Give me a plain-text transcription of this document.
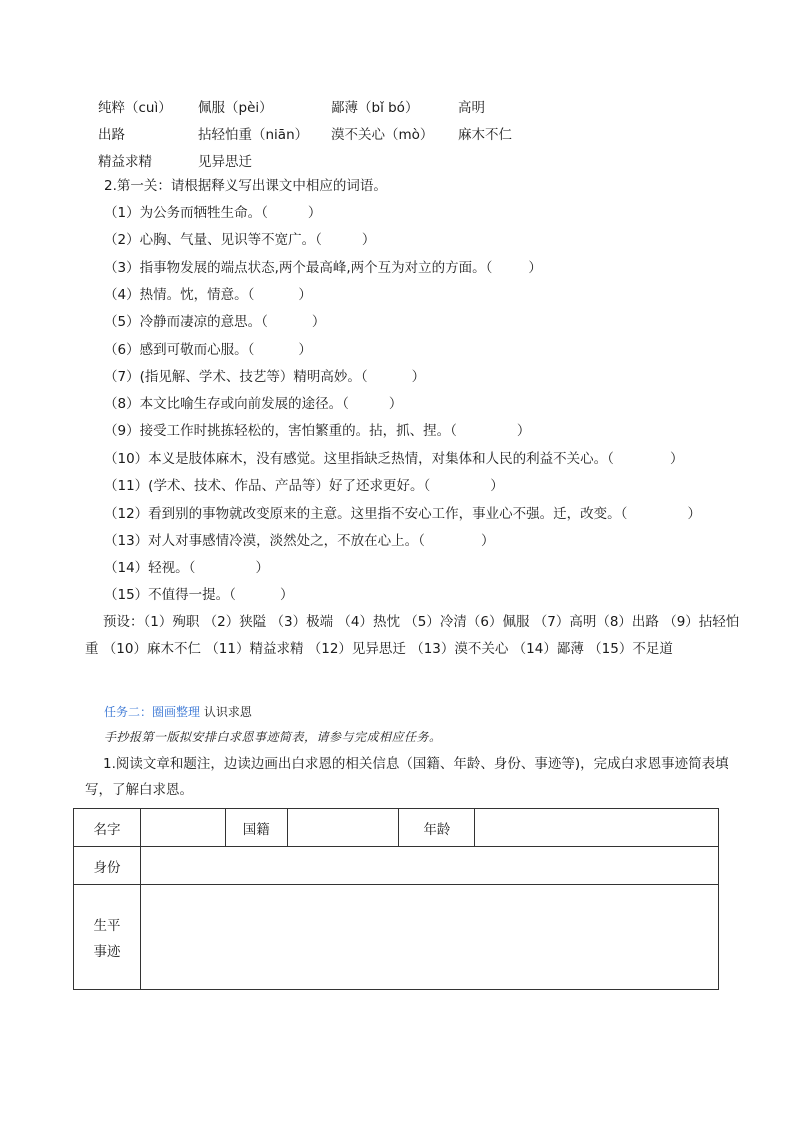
纯粹（cuì） 佩服（pèi）	鄙薄（bǐ bó）	高明
出路	拈轻怕重（niān） 漠不关心（mò） 麻木不仁
精益求精	见异思迁
2.第一关：请根据释义写出课文中相应的词语。
（1）为公务而牺牲生命。（	）
（2）心胸、气量、见识等不宽广。（	）
（3）指事物发展的端点状态,两个最高峰,两个互为对立的方面。（	）
（4）热情。忱，情意。（	）
（5）冷静而凄凉的意思。（	）
（6）感到可敬而心服。（	）
（7）(指见解、学术、技艺等）精明高妙。（	）
（8）本文比喻生存或向前发展的途径。（	）
（9）接受工作时挑拣轻松的，害怕繁重的。拈，抓、捏。（	）
（10）本义是肢体麻木，没有感觉。这里指缺乏热情，对集体和人民的利益不关心。（	）
（11）(学术、技术、作品、产品等）好了还求更好。（	）
（12）看到别的事物就改变原来的主意。这里指不安心工作，事业心不强。迁，改变。（	）
（13）对人对事感情冷漠，淡然处之，不放在心上。（	）
（14）轻视。（	）
（15）不值得一提。（	）
预设：（1）殉职 （2）狭隘 （3）极端 （4）热忱 （5）冷清（6）佩服 （7）高明（8）出路 （9）拈轻怕重 （10）麻木不仁 （11）精益求精 （12）见异思迁 （13）漠不关心 （14）鄙薄 （15）不足道
任务二：圈画整理 认识求恩
手抄报第一版拟安排白求恩事迹简表，请参与完成相应任务。
1.阅读文章和题注，边读边画出白求恩的相关信息（国籍、年龄、身份、事迹等)，完成白求恩事迹简表填写，了解白求恩。
名字		国籍		年龄	
身份					

生平
事迹					
